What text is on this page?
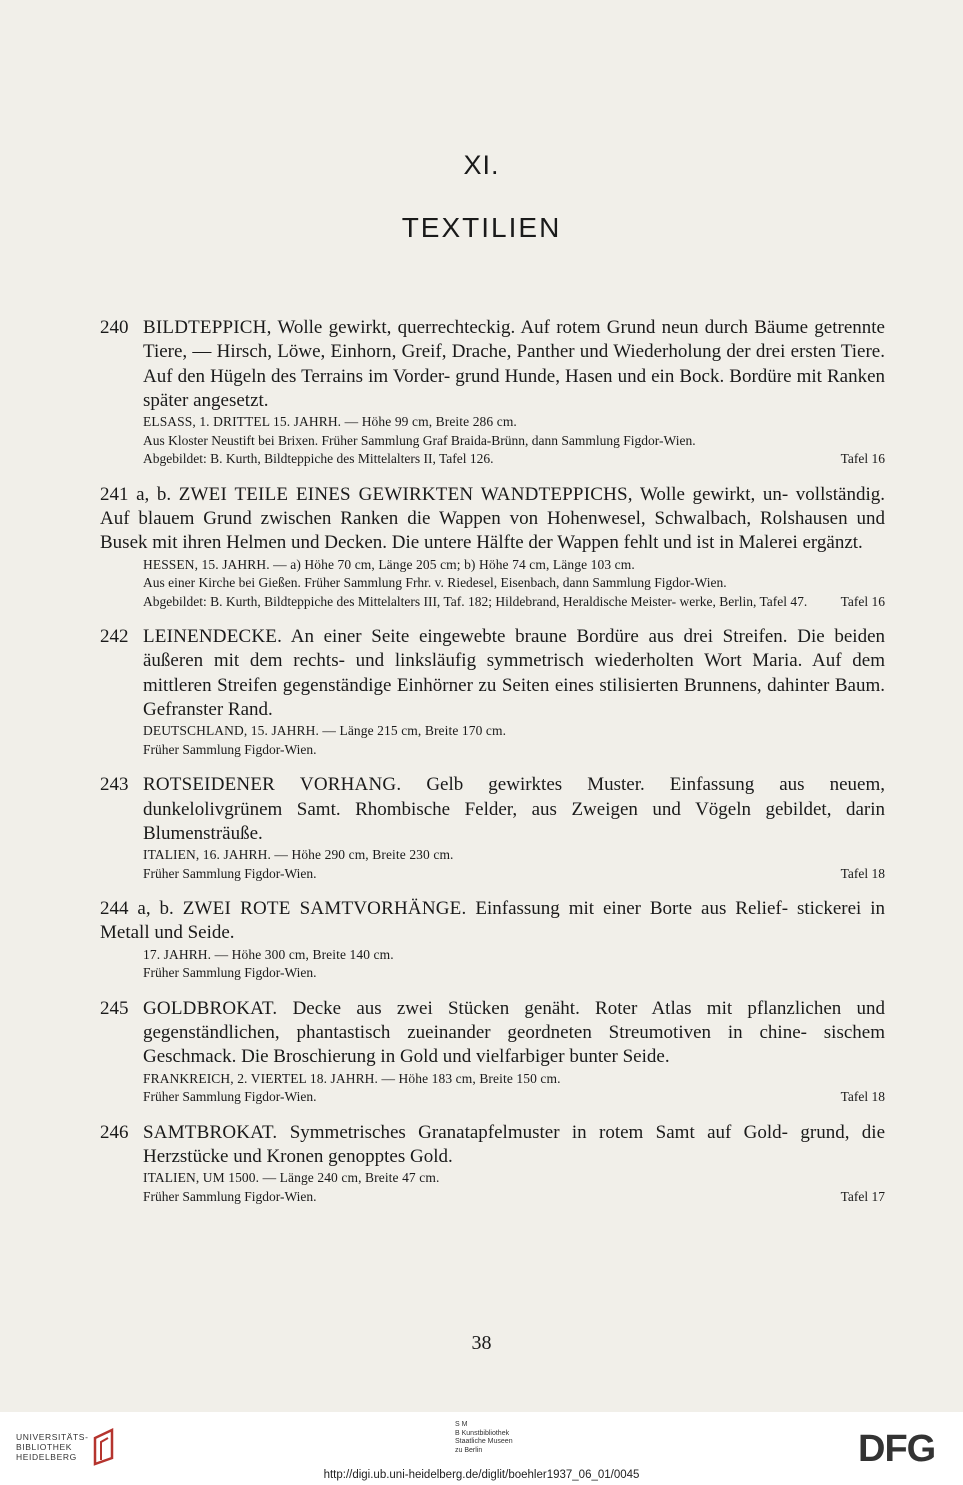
XI.
TEXTILIEN
240 BILDTEPPICH, Wolle gewirkt, querrechteckig. Auf rotem Grund neun durch Bäume getrennte Tiere, — Hirsch, Löwe, Einhorn, Greif, Drache, Panther und Wiederholung der drei ersten Tiere. Auf den Hügeln des Terrains im Vorder- grund Hunde, Hasen und ein Bock. Bordüre mit Ranken später angesetzt.
ELSASS, 1. DRITTEL 15. JAHRH. — Höhe 99 cm, Breite 286 cm.
Aus Kloster Neustift bei Brixen. Früher Sammlung Graf Braida-Brünn, dann Sammlung Figdor-Wien.
Abgebildet: B. Kurth, Bildteppiche des Mittelalters II, Tafel 126.	Tafel 16
241 a, b. ZWEI TEILE EINES GEWIRKTEN WANDTEPPICHS, Wolle gewirkt, un- vollständig. Auf blauem Grund zwischen Ranken die Wappen von Hohenwesel, Schwalbach, Rolshausen und Busek mit ihren Helmen und Decken. Die untere Hälfte der Wappen fehlt und ist in Malerei ergänzt.
HESSEN, 15. JAHRH. — a) Höhe 70 cm, Länge 205 cm; b) Höhe 74 cm, Länge 103 cm.
Aus einer Kirche bei Gießen. Früher Sammlung Frhr. v. Riedesel, Eisenbach, dann Sammlung Figdor-Wien.
Abgebildet: B. Kurth, Bildteppiche des Mittelalters III, Taf. 182; Hildebrand, Heraldische Meister- werke, Berlin, Tafel 47. Tafel 16
242 LEINENDECKE. An einer Seite eingewebte braune Bordüre aus drei Streifen. Die beiden äußeren mit dem rechts- und linksläufig symmetrisch wiederholten Wort Maria. Auf dem mittleren Streifen gegenständige Einhörner zu Seiten eines stilisierten Brunnens, dahinter Baum. Gefranster Rand.
DEUTSCHLAND, 15. JAHRH. — Länge 215 cm, Breite 170 cm.
Früher Sammlung Figdor-Wien.
243 ROTSEIDENER VORHANG. Gelb gewirktes Muster. Einfassung aus neuem, dunkelolivgrünem Samt. Rhombische Felder, aus Zweigen und Vögeln gebildet, darin Blumensträuße.
ITALIEN, 16. JAHRH. — Höhe 290 cm, Breite 230 cm.
Früher Sammlung Figdor-Wien.	Tafel 18
244 a, b. ZWEI ROTE SAMTVORHÄNGE. Einfassung mit einer Borte aus Relief- stickerei in Metall und Seide.
17. JAHRH. — Höhe 300 cm, Breite 140 cm.
Früher Sammlung Figdor-Wien.
245 GOLDBROKAT. Decke aus zwei Stücken genäht. Roter Atlas mit pflanzlichen und gegenständlichen, phantastisch zueinander geordneten Streumotiven in chine- sischem Geschmack. Die Broschierung in Gold und vielfarbiger bunter Seide.
FRANKREICH, 2. VIERTEL 18. JAHRH. — Höhe 183 cm, Breite 150 cm.
Früher Sammlung Figdor-Wien.	Tafel 18
246 SAMTBROKAT. Symmetrisches Granatapfelmuster in rotem Samt auf Gold- grund, die Herzstücke und Kronen genopptes Gold.
ITALIEN, UM 1500. — Länge 240 cm, Breite 47 cm.
Früher Sammlung Figdor-Wien.	Tafel 17
38
UNIVERSITÄTS-
BIBLIOTHEK
HEIDELBERG
S M
B Kunstbibliothek
Staatliche Museen
zu Berlin	DFG
http://digi.ub.uni-heidelberg.de/diglit/boehler1937_06_01/0045
